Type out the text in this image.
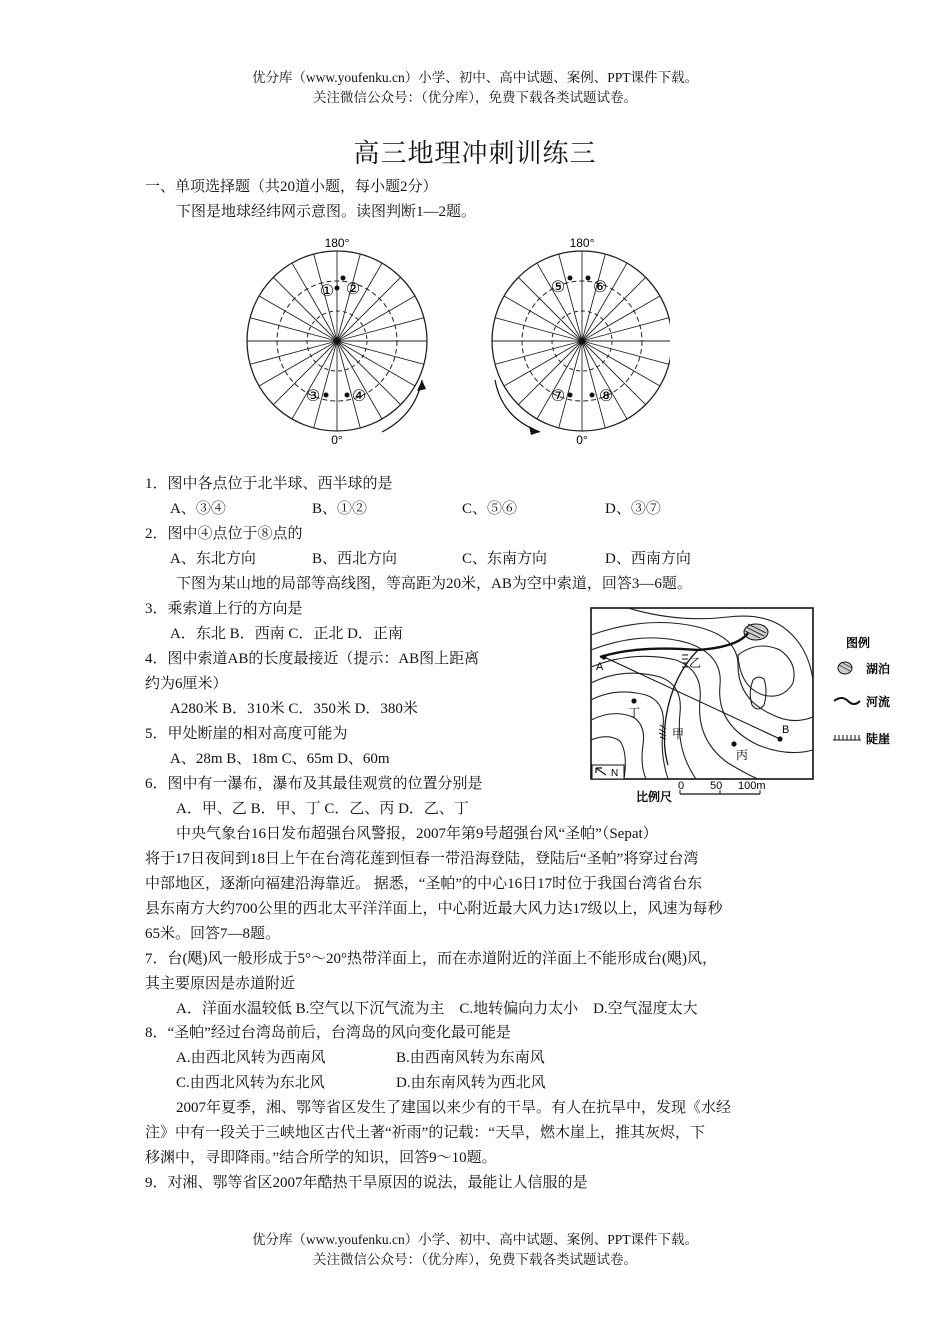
优分库（www.youfenku.cn）小学、初中、高中试题、案例、PPT课件下载。
关注微信公众号：（优分库），免费下载各类试题试卷。
高三地理冲刺训练三
一、单项选择题（共20道小题，每小题2分）
下图是地球经纬网示意图。读图判断1—2题。
180°
① ②
③ ④
0°
180°
⑤ ⑥
⑦ ⑧
0°
1．图中各点位于北半球、西半球的是
A、③④	B、①②	C、⑤⑥	D、③⑦
2．图中④点位于⑧点的
A、东北方向	B、西北方向	C、东南方向	D、西南方向
下图为某山地的局部等高线图，等高距为20米，AB为空中索道，回答3—6题。
3．乘索道上行的方向是
A．东北 B．西南 C．正北 D．正南
4．图中索道AB的长度最接近（提示：AB图上距离
约为6厘米）
A280米 B．310米 C．350米 D．380米
5．甲处断崖的相对高度可能为
A、28m B、18m C、65m D、60m
6．图中有一瀑布，瀑布及其最佳观赏的位置分别是
A．甲、乙 B．甲、丁 C．乙、丙 D．乙、丁
A
B
乙
丁
甲
丙
N
图例
湖泊
河流
陡崖
比例尺
0 50 100m
中央气象台16日发布超强台风警报，2007年第9号超强台风“圣帕”（Sepat）
将于17日夜间到18日上午在台湾花莲到恒春一带沿海登陆，登陆后“圣帕”将穿过台湾
中部地区，逐渐向福建沿海靠近。 据悉，“圣帕”的中心16日17时位于我国台湾省台东
县东南方大约700公里的西北太平洋洋面上，中心附近最大风力达17级以上，风速为每秒
65米。回答7—8题。
7．台(飓)风一般形成于5°～20°热带洋面上，而在赤道附近的洋面上不能形成台(飓)风，
其主要原因是赤道附近
A．洋面水温较低 B.空气以下沉气流为主　C.地转偏向力太小　D.空气湿度太大
8．“圣帕”经过台湾岛前后，台湾岛的风向变化最可能是
A.由西北风转为西南风	B.由西南风转为东南风
C.由西北风转为东北风	D.由东南风转为西北风
2007年夏季，湘、鄂等省区发生了建国以来少有的干旱。有人在抗旱中，发现《水经
注》中有一段关于三峡地区古代土著“祈雨”的记载：“天旱，燃木崖上，推其灰烬，下
移渊中，寻即降雨。”结合所学的知识，回答9～10题。
9．对湘、鄂等省区2007年酷热干旱原因的说法，最能让人信服的是
优分库（www.youfenku.cn）小学、初中、高中试题、案例、PPT课件下载。
关注微信公众号：（优分库），免费下载各类试题试卷。
